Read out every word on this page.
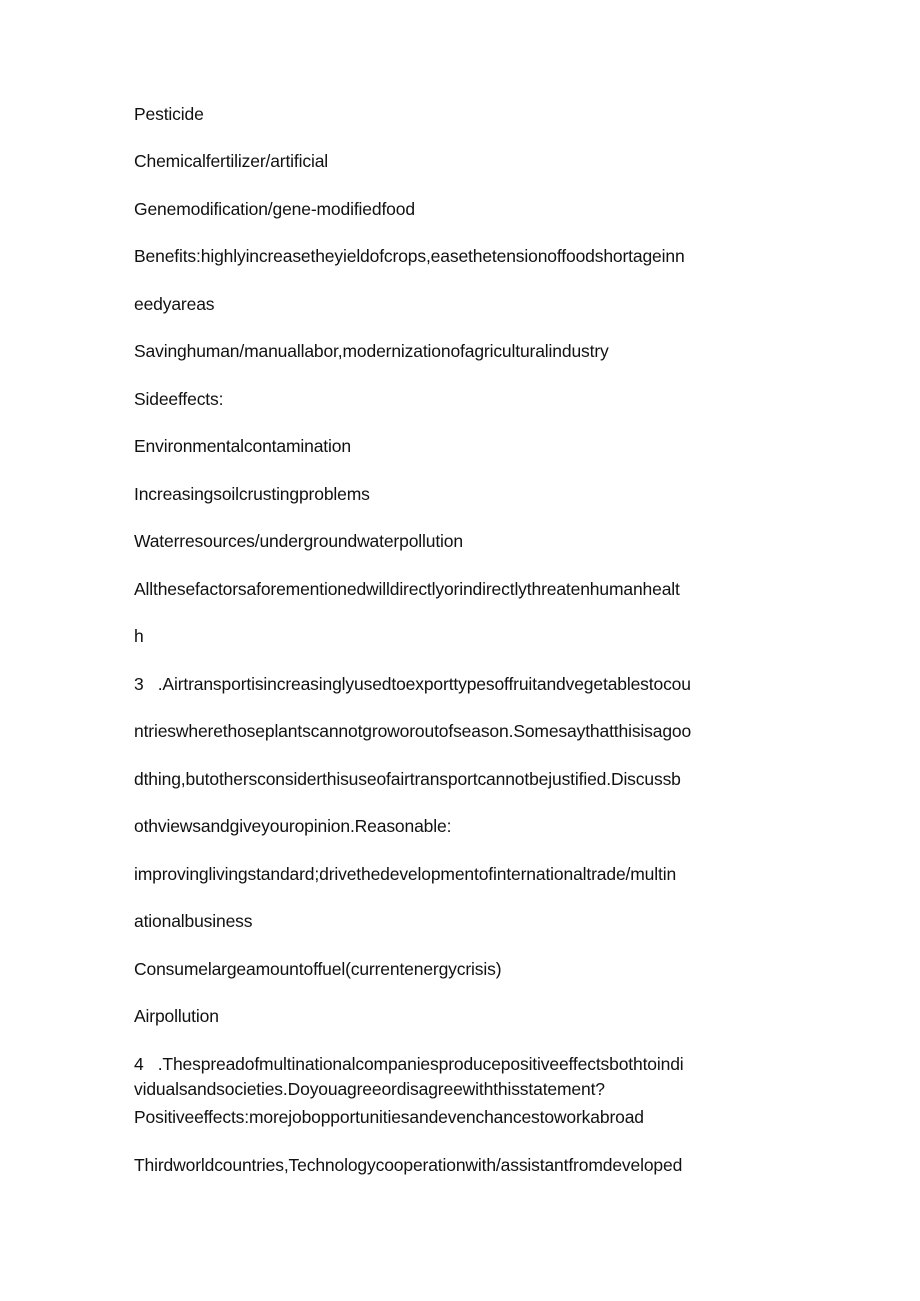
Pesticide

Chemicalfertilizer/artificial

Genemodification/gene-modifiedfood

Benefits:highlyincreasetheyieldofcrops,easethetensionoffoodshortageinn

eedyareas

Savinghuman/manuallabor,modernizationofagriculturalindustry

Sideeffects:

Environmentalcontamination

Increasingsoilcrustingproblems

Waterresources/undergroundwaterpollution

Allthesefactorsaforementionedwilldirectlyorindirectlythreatenhumanhealt

h

3   .Airtransportisincreasinglyusedtoexporttypesoffruitandvegetablestocou

ntrieswherethoseplantscannotgroworoutofseason.Somesaythatthisisagoo

dthing,butothersconsiderthisuseofairtransportcannotbejustified.Discussb

othviewsandgiveyouropinion.Reasonable:

improvinglivingstandard;drivethedevelopmentofinternationaltrade/multin

ationalbusiness

Consumelargeamountoffuel(currentenergycrisis)

Airpollution

4   .Thespreadofmultinationalcompaniesproducepositiveeffectsbothtoindi

vidualsandsocieties.Doyouagreeordisagreewiththisstatement?

Positiveeffects:morejobopportunitiesandevenchancestoworkabroad

Thirdworldcountries,Technologycooperationwith/assistantfromdeveloped
